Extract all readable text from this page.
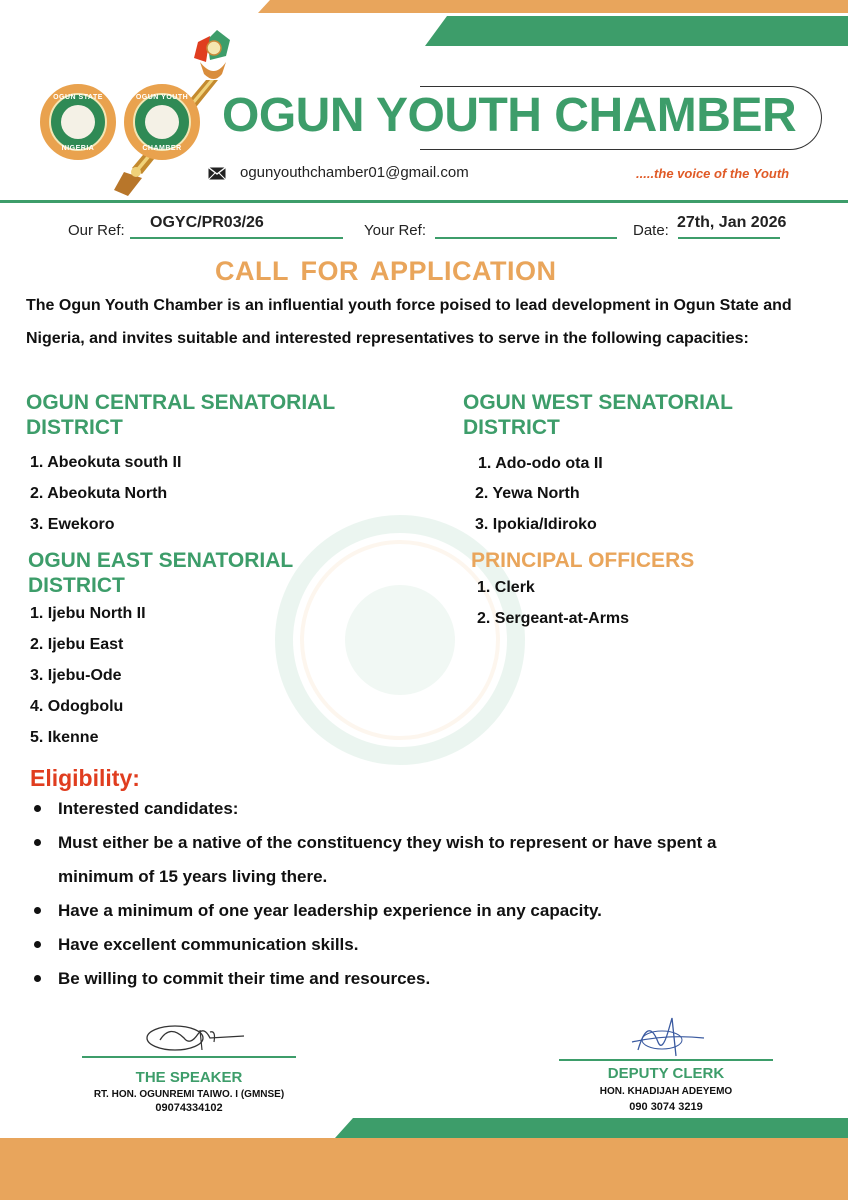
OGUN STATE
NIGERIA
OGUN YOUTH
CHAMBER
OGUN YOUTH CHAMBER
ogunyouthchamber01@gmail.com	.....the voice of the Youth
Our Ref: OGYC/PR03/26	Your Ref:	Date: 27th, Jan 2026
CALL FOR APPLICATION
The Ogun Youth Chamber is an influential youth force poised to lead development in Ogun State and Nigeria, and invites suitable and interested representatives to serve in the following capacities:
OGUN CENTRAL SENATORIAL DISTRICT
1. Abeokuta south II
2. Abeokuta North
3. Ewekoro
OGUN WEST SENATORIAL DISTRICT
1. Ado-odo ota II
2. Yewa North
3. Ipokia/Idiroko
OGUN EAST SENATORIAL DISTRICT
1. Ijebu North II
2. Ijebu East
3. Ijebu-Ode
4. Odogbolu
5. Ikenne
PRINCIPAL OFFICERS
1. Clerk
2. Sergeant-at-Arms
Eligibility:
Interested candidates:
Must either be a native of the constituency they wish to represent or have spent a minimum of 15 years living there.
Have a minimum of one year leadership experience in any capacity.
Have excellent communication skills.
Be willing to commit their time and resources.
THE SPEAKER
RT. HON. OGUNREMI TAIWO. I (GMNSE)
09074334102
DEPUTY CLERK
HON. KHADIJAH ADEYEMO
090 3074 3219
